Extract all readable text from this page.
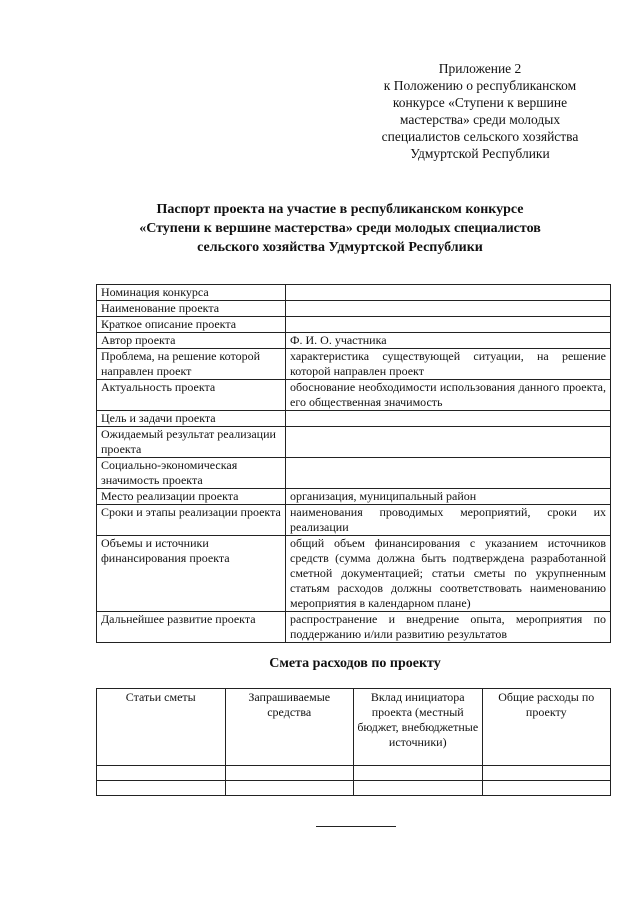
Приложение 2
к Положению о республиканском
конкурсе «Ступени к вершине
мастерства» среди молодых
специалистов сельского хозяйства
Удмуртской Республики
Паспорт проекта на участие в республиканском конкурсе
«Ступени к вершине мастерства» среди молодых специалистов
сельского хозяйства Удмуртской Республики
Номинация конкурса	
Наименование проекта	
Краткое описание проекта	
Автор проекта	Ф. И. О. участника
Проблема, на решение которой направлен проект	характеристика существующей ситуации, на решение которой направлен проект
Актуальность проекта	обоснование необходимости использования данного проекта, его общественная значимость
Цель и задачи проекта	
Ожидаемый результат реализации проекта	
Социально-экономическая значимость проекта	
Место реализации проекта	организация, муниципальный район
Сроки и этапы реализации проекта	наименования проводимых мероприятий, сроки их реализации
Объемы и источники финансирования проекта	общий объем финансирования с указанием источников средств (сумма должна быть подтверждена разработанной сметной документацией; статьи сметы по укрупненным статьям расходов должны соответствовать наименованию мероприятия в календарном плане)
Дальнейшее развитие проекта	распространение и внедрение опыта, мероприятия по поддержанию и/или развитию результатов
Смета расходов по проекту
Статьи сметы	Запрашиваемые средства	Вклад инициатора проекта (местный бюджет, внебюджетные источники)	Общие расходы по проекту
